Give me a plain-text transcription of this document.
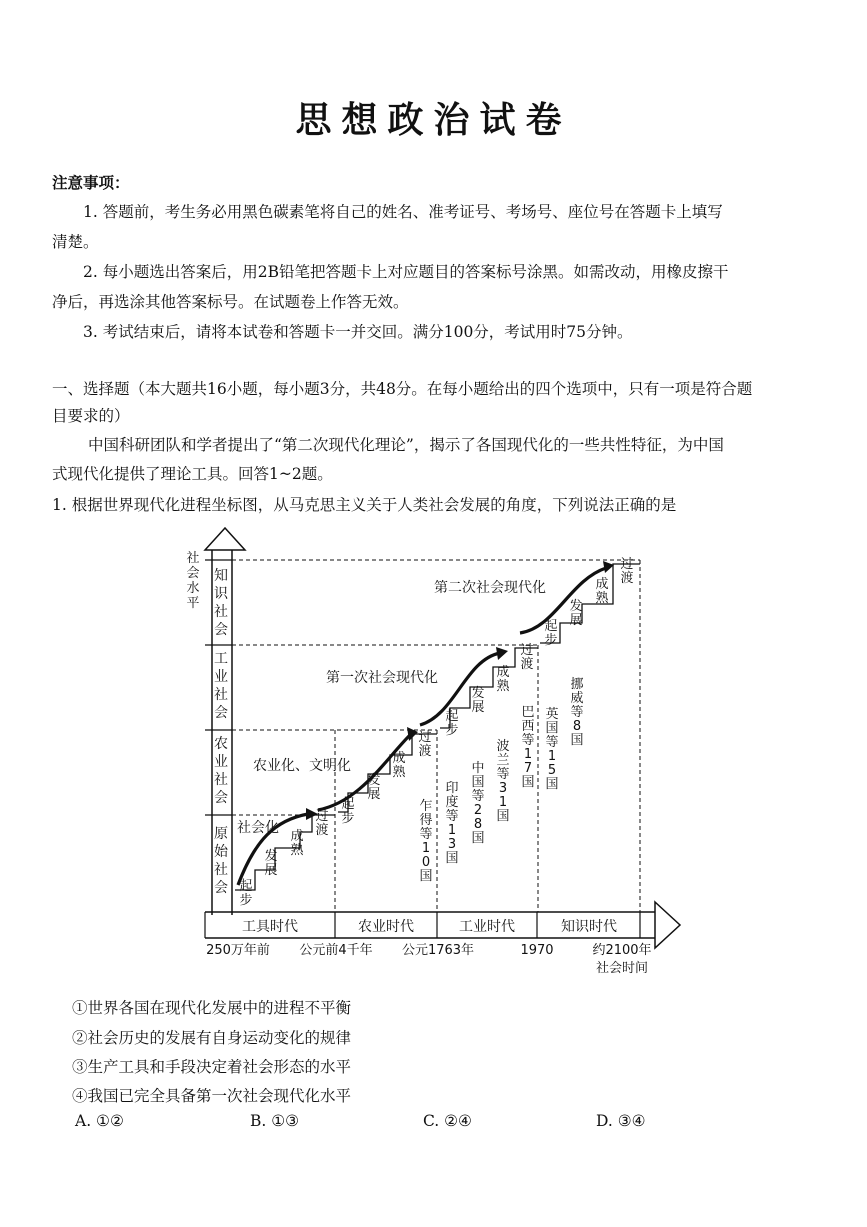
思想政治试卷
注意事项：
1. 答题前，考生务必用黑色碳素笔将自己的姓名、准考证号、考场号、座位号在答题卡上填写
清楚。
2. 每小题选出答案后，用2B铅笔把答题卡上对应题目的答案标号涂黑。如需改动，用橡皮擦干
净后，再选涂其他答案标号。在试题卷上作答无效。
3. 考试结束后，请将本试卷和答题卡一并交回。满分100分，考试用时75分钟。
一、选择题（本大题共16小题，每小题3分，共48分。在每小题给出的四个选项中，只有一项是符合题
目要求的）
中国科研团队和学者提出了“第二次现代化理论”，揭示了各国现代化的一些共性特征，为中国
式现代化提供了理论工具。回答1~2题。
1. 根据世界现代化进程坐标图，从马克思主义关于人类社会发展的角度，下列说法正确的是
社会水平
知识社会
工业社会
农业社会
原始社会
工具时代	农业时代	工业时代	知识时代
250万年前 公元前4千年 公元1763年	1970	约2100年
社会时间
第二次社会现代化
第一次社会现代化
农业化、文明化
社会化
起步
发展
成熟
过渡
起步
发展
成熟
过渡
起步
发展
成熟
过渡
起步
发展
成熟
过渡
乍得等 1 0 国
印度等 1 3 国
中国等 2 8 国
波兰等 3 1 国
巴西等 1 7 国
英国等 1 5 国
挪威等 8 国
①世界各国在现代化发展中的进程不平衡
②社会历史的发展有自身运动变化的规律
③生产工具和手段决定着社会形态的水平
④我国已完全具备第一次社会现代化水平
A. ①②	B. ①③	C. ②④	D. ③④
